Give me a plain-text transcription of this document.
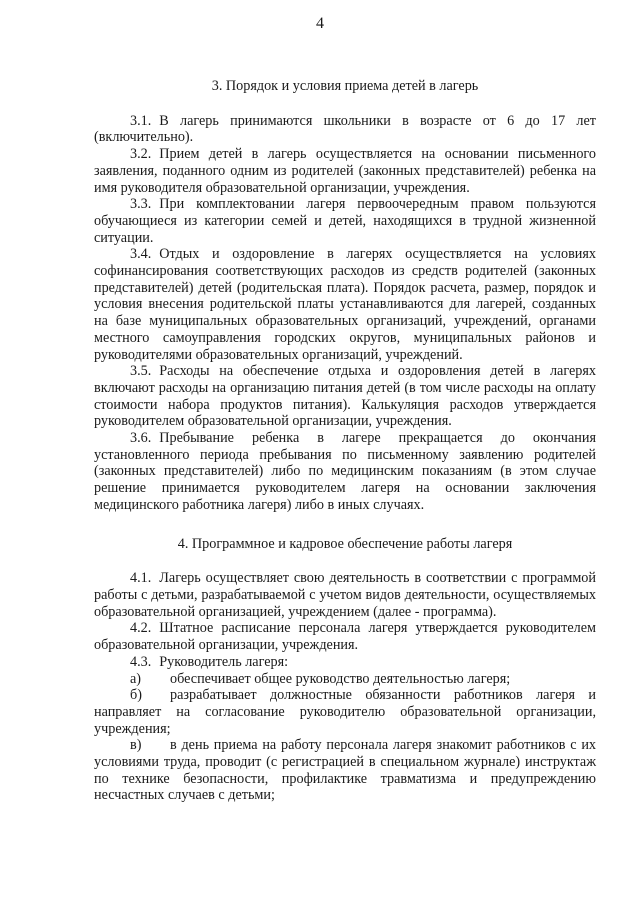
4
3. Порядок и условия приема детей в лагерь

3.1. В лагерь принимаются школьники в возрасте от 6 до 17 лет (включительно).

3.2. Прием детей в лагерь осуществляется на основании письменного заявления, поданного одним из родителей (законных представителей) ребенка на имя руководителя образовательной организации, учреждения.

3.3. При комплектовании лагеря первоочередным правом пользуются обучающиеся из категории семей и детей, находящихся в трудной жизненной ситуации.

3.4. Отдых и оздоровление в лагерях осуществляется на условиях софинансирования соответствующих расходов из средств родителей (законных представителей) детей (родительская плата). Порядок расчета, размер, порядок и условия внесения родительской платы устанавливаются для лагерей, созданных на базе муниципальных образовательных организаций, учреждений, органами местного самоуправления городских округов, муниципальных районов и руководителями образовательных организаций, учреждений.

3.5. Расходы на обеспечение отдыха и оздоровления детей в лагерях включают расходы на организацию питания детей (в том числе расходы на оплату стоимости набора продуктов питания). Калькуляция расходов утверждается руководителем образовательной организации, учреждения.

3.6. Пребывание ребенка в лагере прекращается до окончания установленного периода пребывания по письменному заявлению родителей (законных представителей) либо по медицинским показаниям (в этом случае решение принимается руководителем лагеря на основании заключения медицинского работника лагеря) либо в иных случаях.

4. Программное и кадровое обеспечение работы лагеря

4.1. Лагерь осуществляет свою деятельность в соответствии с программой работы с детьми, разрабатываемой с учетом видов деятельности, осуществляемых образовательной организацией, учреждением (далее - программа).

4.2. Штатное расписание персонала лагеря утверждается руководителем образовательной организации, учреждения.

4.3. Руководитель лагеря:

а) обеспечивает общее руководство деятельностью лагеря;

б) разрабатывает должностные обязанности работников лагеря и направляет на согласование руководителю образовательной организации, учреждения;

в) в день приема на работу персонала лагеря знакомит работников с их условиями труда, проводит (с регистрацией в специальном журнале) инструктаж по технике безопасности, профилактике травматизма и предупреждению несчастных случаев с детьми;
